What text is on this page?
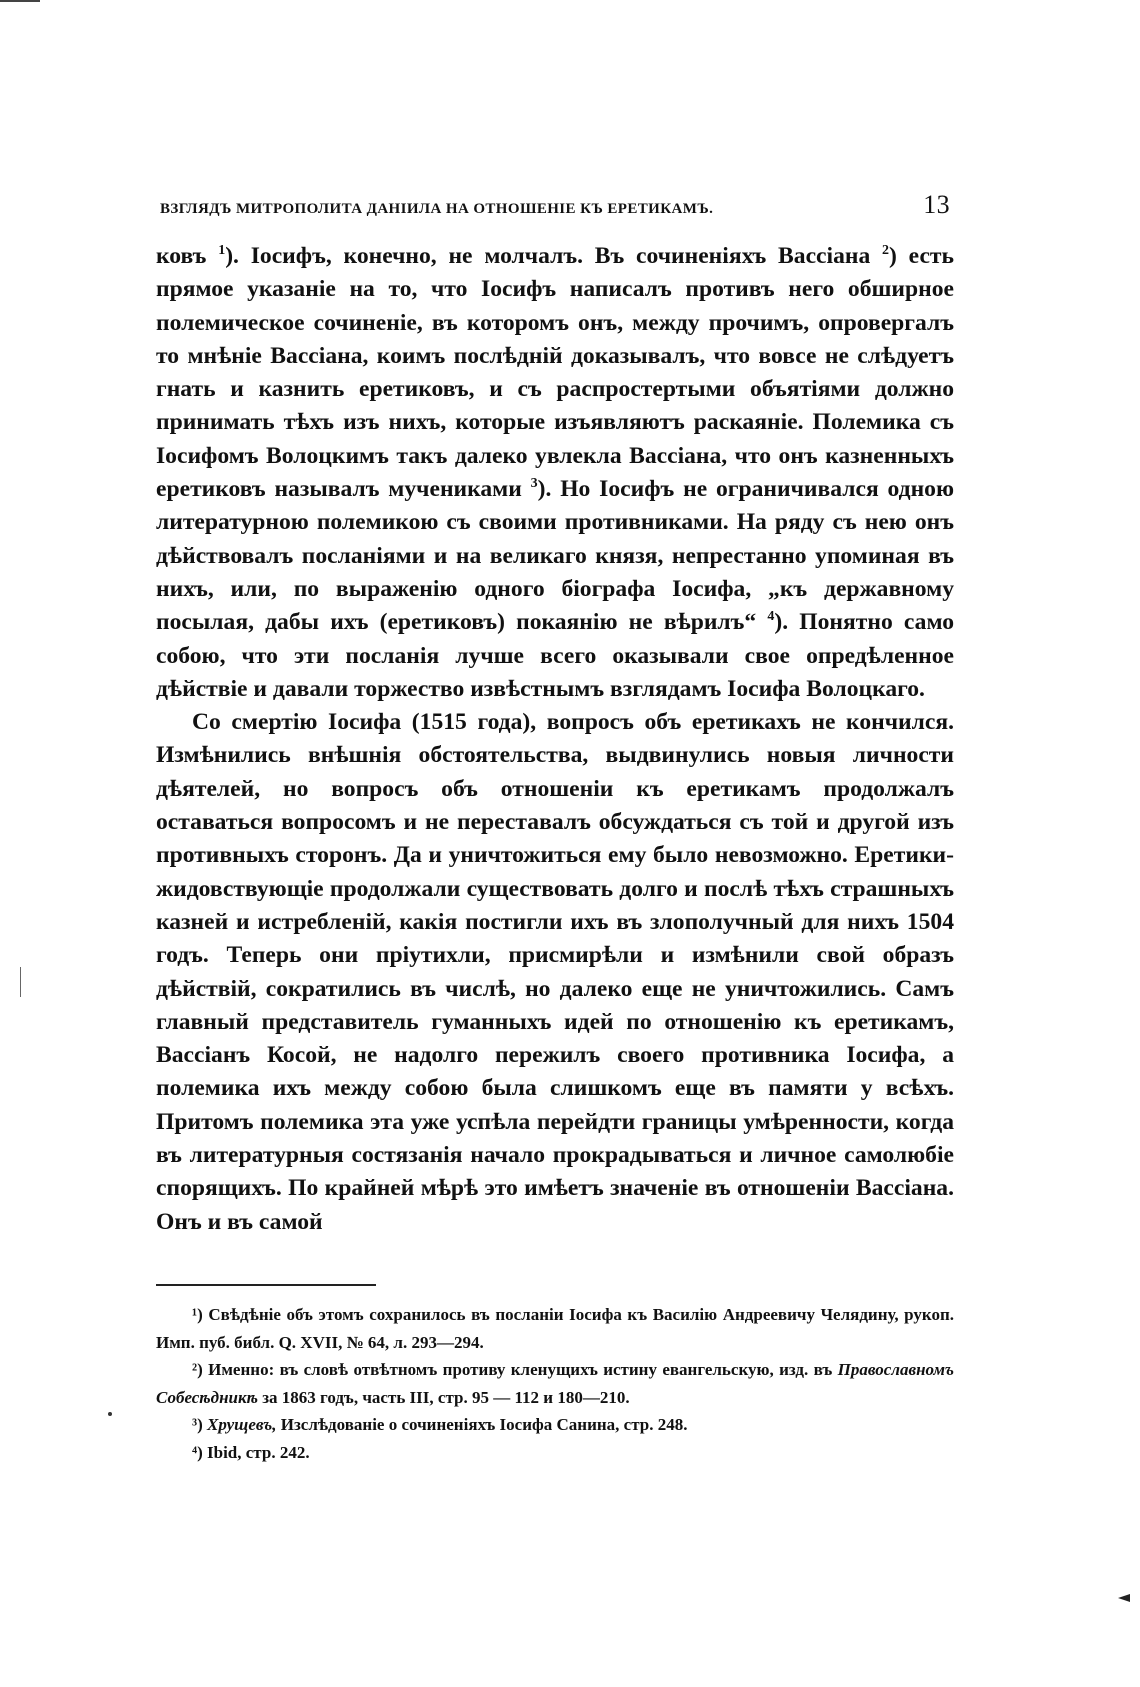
ВЗГЛЯДЪ МИТРОПОЛИТА ДАНIИЛА НА ОТНОШЕНIЕ КЪ ЕРЕТИКАМЪ.	13

ковъ $^1$). Iосифъ, конечно, не молчалъ. Въ сочиненiяхъ Вассiана $^2$) есть прямое указанiе на то, что Iосифъ написалъ противъ него обширное полемическое сочиненiе, въ которомъ онъ, между прочимъ, опровергалъ то мнѣнiе Вассiана, коимъ послѣднiй доказывалъ, что вовсе не слѣдуетъ гнать и казнить еретиковъ, и съ распростертыми объятiями должно принимать тѣхъ изъ нихъ, которые изъявляютъ раскаянiе. Полемика съ Iосифомъ Волоцкимъ такъ далеко увлекла Вассiана, что онъ казненныхъ еретиковъ называлъ мучениками $^3$). Но Iосифъ не ограничивался одною литературною полемикою съ своими противниками. На ряду съ нею онъ дѣйствовалъ посланiями и на великаго князя, непрестанно упоминая въ нихъ, или, по выраженiю одного бiографа Iосифа, „къ державному посылая, дабы ихъ (еретиковъ) покаянiю не вѣрилъ“ $^4$). Понятно само собою, что эти посланiя лучше всего оказывали свое опредѣленное дѣйствiе и давали торжество извѣстнымъ взглядамъ Iосифа Волоцкаго.

Со смертiю Iосифа (1515 года), вопросъ объ еретикахъ не кончился. Измѣнились внѣшнiя обстоятельства, выдвинулись новыя личности дѣятелей, но вопросъ объ отношенiи къ еретикамъ продолжалъ оставаться вопросомъ и не переставалъ обсуждаться съ той и другой изъ противныхъ сторонъ. Да и уничтожиться ему было невозможно. Еретики-жидовствующiе продолжали существовать долго и послѣ тѣхъ страшныхъ казней и истребленiй, какiя постигли ихъ въ злополучный для нихъ 1504 годъ. Теперь они прiутихли, присмирѣли и измѣнили свой образъ дѣйствiй, сократились въ числѣ, но далеко еще не уничтожились. Самъ главный представитель гуманныхъ идей по отношенiю къ еретикамъ, Вассiанъ Косой, не надолго пережилъ своего противника Iосифа, а полемика ихъ между собою была слишкомъ еще въ памяти у всѣхъ. Притомъ полемика эта уже успѣла перейдти границы умѣренности, когда въ литературныя состязанiя начало прокрадываться и личное самолюбiе спорящихъ. По крайней мѣрѣ это имѣетъ значенiе въ отношенiи Вассiана. Онъ и въ самой

¹) Свѣдѣнiе объ этомъ сохранилось въ посланiи Iосифа къ Василiю Андреевичу Челядину, рукоп. Имп. пуб. библ. Q. XVII, № 64, л. 293—294.

²) Именно: въ словѣ отвѣтномъ противу кленущихъ истину евангельскую, изд. въ Православномъ Собесѣдникѣ за 1863 годъ, часть III, стр. 95 — 112 и 180—210.

³) Хрущевъ, Изслѣдованiе о сочиненiяхъ Iосифа Санина, стр. 248.

⁴) Ibid, стр. 242.
